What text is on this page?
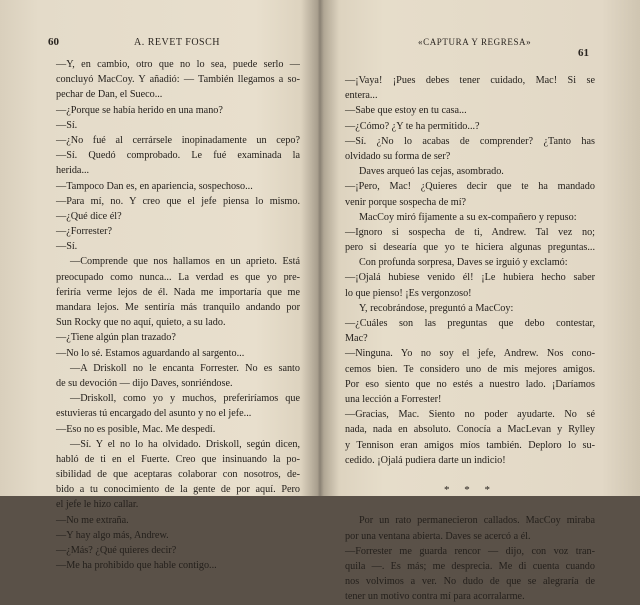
60	A. REVET FOSCH
—Y, en cambio, otro que no lo sea, puede serlo —
concluyó MacCoy. Y añadió: — También llegamos a so-
pechar de Dan, el Sueco...
—¿Porque se había herido en una mano?
—Sí.
—¿No fué al cerrársele inopinadamente un cepo?
—Sí. Quedó comprobado. Le fué examinada la
herida...
—Tampoco Dan es, en apariencia, sospechoso...
—Para mí, no. Y creo que el jefe piensa lo mismo.
—¿Qué dice él?
—¿Forrester?
—Sí.
—Comprende que nos hallamos en un aprieto. Está
preocupado como nunca... La verdad es que yo pre-
feriría verme lejos de él. Nada me importaría que me
mandara lejos. Me sentiría más tranquilo andando por
Sun Rocky que no aquí, quieto, a su lado.
—¿Tiene algún plan trazado?
—No lo sé. Estamos aguardando al sargento...
—A Driskoll no le encanta Forrester. No es santo
de su devoción — dijo Daves, sonriéndose.
—Driskoll, como yo y muchos, preferiríamos que
estuvieras tú encargado del asunto y no el jefe...
—Eso no es posible, Mac. Me despedí.
—Sí. Y el no lo ha olvidado. Driskoll, según dicen,
habló de ti en el Fuerte. Creo que insinuando la po-
sibilidad de que aceptaras colaborar con nosotros, de-
bido a tu conocimiento de la gente de por aquí. Pero
el jefe le hizo callar.
—No me extraña.
—Y hay algo más, Andrew.
—¿Más? ¿Qué quieres decir?
—Me ha prohibido que hable contigo...
«CAPTURA Y REGRESA»
61
—¡Vaya! ¡Pues debes tener cuidado, Mac! Si se
entera...
—Sabe que estoy en tu casa...
—¿Cómo? ¿Y te ha permitido...?
—Sí. ¿No lo acabas de comprender? ¿Tanto has
olvidado su forma de ser?
Daves arqueó las cejas, asombrado.
—¡Pero, Mac! ¿Quieres decir que te ha mandado
venir porque sospecha de mí?
MacCoy miró fijamente a su ex-compañero y repuso:
—Ignoro si sospecha de ti, Andrew. Tal vez no;
pero si desearía que yo te hiciera algunas preguntas...
Con profunda sorpresa, Daves se irguió y exclamó:
—¡Ojalá hubiese venido él! ¡Le hubiera hecho saber
lo que pienso! ¡Es vergonzoso!
Y, recobrándose, preguntó a MacCoy:
—¿Cuáles son las preguntas que debo contestar,
Mac?
—Ninguna. Yo no soy el jefe, Andrew. Nos cono-
cemos bien. Te considero uno de mis mejores amigos.
Por eso siento que no estés a nuestro lado. ¡Daríamos
una lección a Forrester!
—Gracias, Mac. Siento no poder ayudarte. No sé
nada, nada en absoluto. Conocía a MacLevan y Rylley
y Tennison eran amigos míos también. Deploro lo su-
cedido. ¡Ojalá pudiera darte un indicio!
* * *
Por un rato permanecieron callados. MacCoy miraba
por una ventana abierta. Daves se acercó a él.
—Forrester me guarda rencor — dijo, con voz tran-
quila —. Es más; me desprecia. Me di cuenta cuando
nos volvimos a ver. No dudo de que se alegraría de
tener un motivo contra mí para acorralarme.
